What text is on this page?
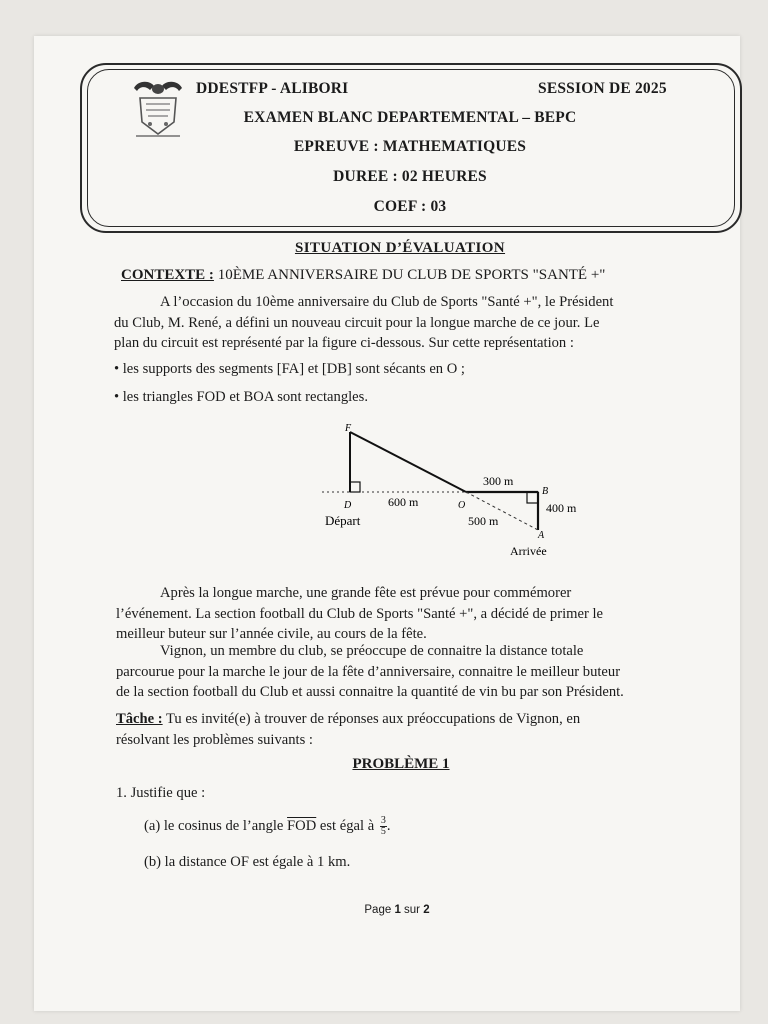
DDESTFP - ALIBORI	SESSION DE 2025
EXAMEN BLANC DEPARTEMENTAL – BEPC
EPREUVE : MATHEMATIQUES
DUREE : 02 HEURES
COEF : 03
SITUATION D’ÉVALUATION
CONTEXTE : 10ÈME ANNIVERSAIRE DU CLUB DE SPORTS "SANTÉ +"
A l’occasion du 10ème anniversaire du Club de Sports "Santé +", le Président
du Club, M. René, a défini un nouveau circuit pour la longue marche de ce jour. Le
plan du circuit est représenté par la figure ci-dessous. Sur cette représentation :
• les supports des segments [FA] et [DB] sont sécants en O ;
• les triangles FOD et BOA sont rectangles.
F
D	O
B
A
600 m
300 m
400 m
500 m
Départ
Arrivée
Après la longue marche, une grande fête est prévue pour commémorer
l’événement. La section football du Club de Sports "Santé +", a décidé de primer le
meilleur buteur sur l’année civile, au cours de la fête.
Vignon, un membre du club, se préoccupe de connaitre la distance totale
parcourue pour la marche le jour de la fête d’anniversaire, connaitre le meilleur buteur
de la section football du Club et aussi connaitre la quantité de vin bu par son Président.
Tâche : Tu es invité(e) à trouver de réponses aux préoccupations de Vignon, en
résolvant les problèmes suivants :
PROBLÈME 1
1. Justifie que :
(a) le cosinus de l’angle $\overline{FOD}$ est égal à $\frac{3}{5}$ .
(b) la distance OF est égale à 1 km.
Page 1 sur 2
